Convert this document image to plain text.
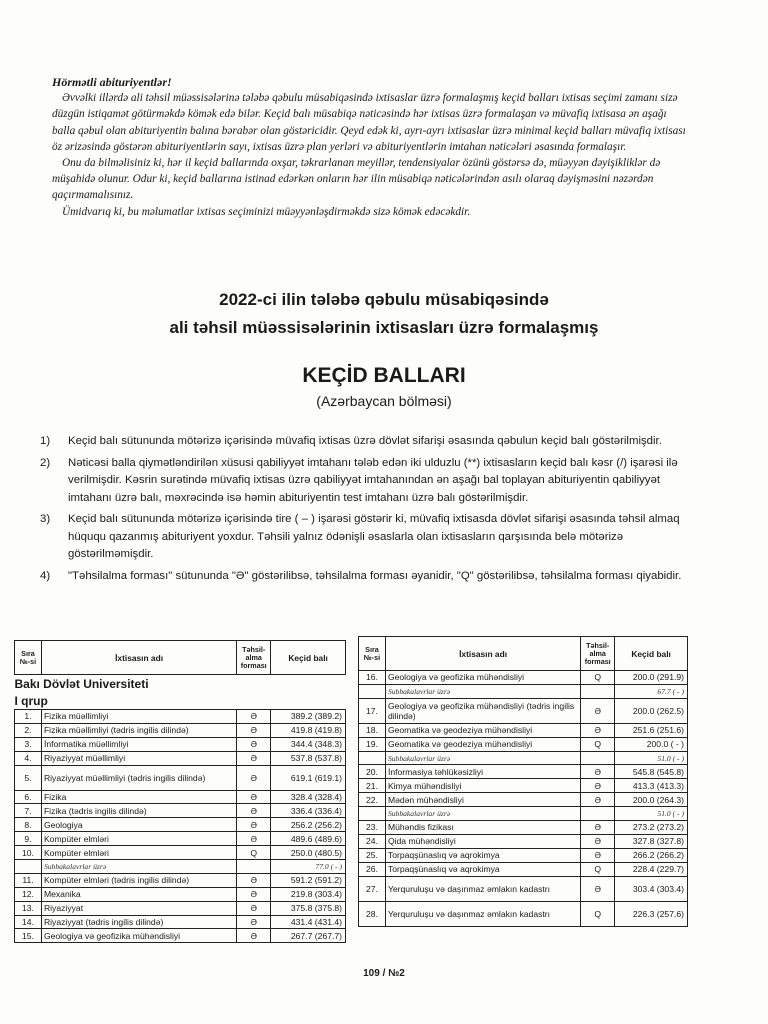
Hörmətli abituriyentlər!

Əvvəlki illərdə ali təhsil müəssisələrinə tələbə qəbulu müsabiqəsində ixtisaslar üzrə formalaşmış keçid balları ixtisas seçimi zamanı sizə düzgün istiqamət götürməkdə kömək edə bilər. Keçid balı müsabiqə nəticəsində hər ixtisas üzrə formalaşan və müvafiq ixtisasa ən aşağı balla qəbul olan abituriyentin balına bərabər olan göstəricidir. Qeyd edək ki, ayrı-ayrı ixtisaslar üzrə minimal keçid balları müvafiq ixtisası öz ərizəsində göstərən abituriyentlərin sayı, ixtisas üzrə plan yerləri və abituriyentlərin imtahan nəticələri əsasında formalaşır.

Onu da bilməlisiniz ki, hər il keçid ballarında oxşar, təkrarlanan meyillər, tendensiyalar özünü göstərsə də, müəyyən dəyişikliklər də müşahidə olunur. Odur ki, keçid ballarına istinad edərkən onların hər ilin müsabiqə nəticələrindən asılı olaraq dəyişməsini nəzərdən qaçırmamalısınız.

Ümidvarıq ki, bu məlumatlar ixtisas seçiminizi müəyyənləşdirməkdə sizə kömək edəcəkdir.

2022-ci ilin tələbə qəbulu müsabiqəsində
ali təhsil müəssisələrinin ixtisasları üzrə formalaşmış
KEÇİD BALLARI
(Azərbaycan bölməsi)
1)	Keçid balı sütununda mötərizə içərisində müvafiq ixtisas üzrə dövlət sifarişi əsasında qəbulun keçid balı göstərilmişdir.
2)	Nəticəsi balla qiymətləndirilən xüsusi qabiliyyət imtahanı tələb edən iki ulduzlu (**) ixtisasların keçid balı kəsr (/) işarəsi ilə verilmişdir. Kəsrin surətində müvafiq ixtisas üzrə qabiliyyət imtahanından ən aşağı bal toplayan abituriyentin qabiliyyət imtahanı üzrə balı, məxrəcində isə həmin abituriyentin test imtahanı üzrə balı göstərilmişdir.
3)	Keçid balı sütununda mötərizə içərisində tire ( – ) işarəsi göstərir ki, müvafiq ixtisasda dövlət sifarişi əsasında təhsil almaq hüququ qazanmış abituriyent yoxdur. Təhsili yalnız ödənişli əsaslarla olan ixtisasların qarşısında belə mötərizə göstərilməmişdir.
4)	"Təhsilalma forması" sütununda "Ə" göstərilibsə, təhsilalma forması əyanidir, "Q" göstərilibsə, təhsilalma forması qiyabidir.
Sıra №-si	İxtisasın adı	Təhsil-alma forması	Keçid balı
Bakı Dövlət Universiteti			
I qrup			
1.	Fizika müəllimliyi	Ə	389.2 (389.2)
2.	Fizika müəllimliyi (tədris ingilis dilində)	Ə	419.8 (419.8)
3.	İnformatika müəllimliyi	Ə	344.4 (348.3)
4.	Riyaziyyat müəllimliyi	Ə	537.8 (537.8)
5.	Riyaziyyat müəllimliyi (tədris ingilis dilində)	Ə	619.1 (619.1)
6.	Fizika	Ə	328.4 (328.4)
7.	Fizika (tədris ingilis dilində)	Ə	336.4 (336.4)
8.	Geologiya	Ə	256.2 (256.2)
9.	Kompüter elmləri	Ə	489.6 (489.6)
10.	Kompüter elmləri	Q	250.0 (480.5)
	Subbakalavrlar üzrə		77.0 ( - )
11.	Kompüter elmləri (tədris ingilis dilində)	Ə	591.2 (591.2)
12.	Mexanika	Ə	219.8 (303.4)
13.	Riyaziyyat	Ə	375.8 (375.8)
14.	Riyaziyyat (tədris ingilis dilində)	Ə	431.4 (431.4)
15.	Geologiya və geofizika mühəndisliyi	Ə	267.7 (267.7)
Sıra №-si	İxtisasın adı	Təhsil-alma forması	Keçid balı
16.	Geologiya və geofizika mühəndisliyi	Q	200.0 (291.9)
	Subbakalavrlar üzrə		67.7 ( - )
17.	Geologiya və geofizika mühəndisliyi (tədris ingilis dilində)	Ə	200.0 (262.5)
18.	Geomatika və geodeziya mühəndisliyi	Ə	251.6 (251.6)
19.	Geomatika və geodeziya mühəndisliyi	Q	200.0 ( - )
	Subbakalavrlar üzrə		51.0 ( - )
20.	İnformasiya təhlükəsizliyi	Ə	545.8 (545.8)
21.	Kimya mühəndisliyi	Ə	413.3 (413.3)
22.	Mədən mühəndisliyi	Ə	200.0 (264.3)
	Subbakalavrlar üzrə		51.0 ( - )
23.	Mühəndis fizikası	Ə	273.2 (273.2)
24.	Qida mühəndisliyi	Ə	327.8 (327.8)
25.	Torpaqşünaslıq və aqrokimya	Ə	266.2 (266.2)
26.	Torpaqşünaslıq və aqrokimya	Q	228.4 (229.7)
27.	Yerquruluşu və daşınmaz əmlakın kadastrı	Ə	303.4 (303.4)
28.	Yerquruluşu və daşınmaz əmlakın kadastrı	Q	226.3 (257.6)
109 / №2
